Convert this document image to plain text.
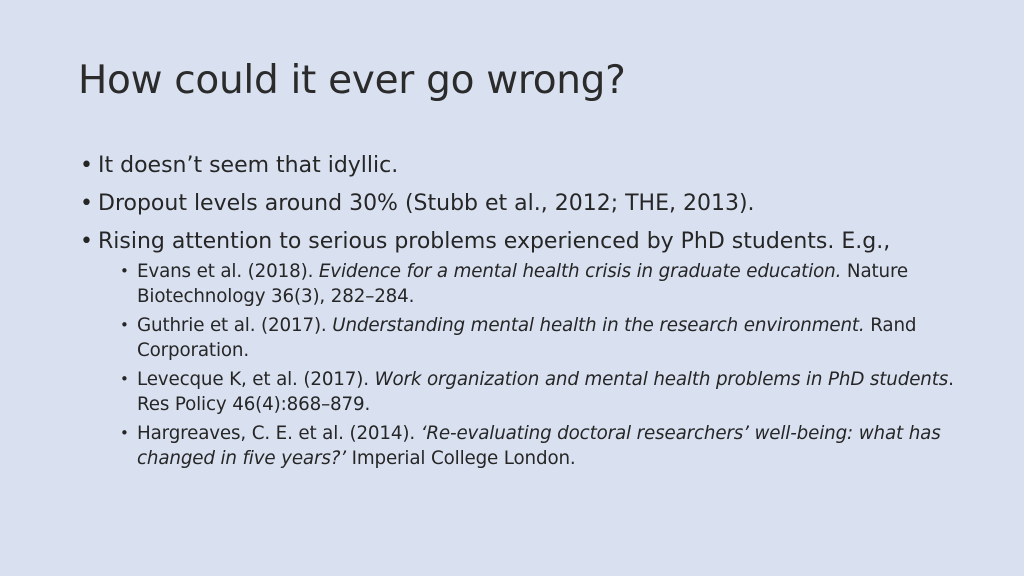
How could it ever go wrong?
• It doesn’t seem that idyllic.
• Dropout levels around 30% (Stubb et al., 2012; THE, 2013).
• Rising attention to serious problems experienced by PhD students. E.g.,
• Evans et al. (2018). Evidence for a mental health crisis in graduate education. Nature Biotechnology 36(3), 282–284.
• Guthrie et al. (2017). Understanding mental health in the research environment. Rand Corporation.
• Levecque K, et al. (2017). Work organization and mental health problems in PhD students. Res Policy 46(4):868–879.
• Hargreaves, C. E. et al. (2014). ‘Re-evaluating doctoral researchers’ well-being: what has changed in five years?’ Imperial College London.
